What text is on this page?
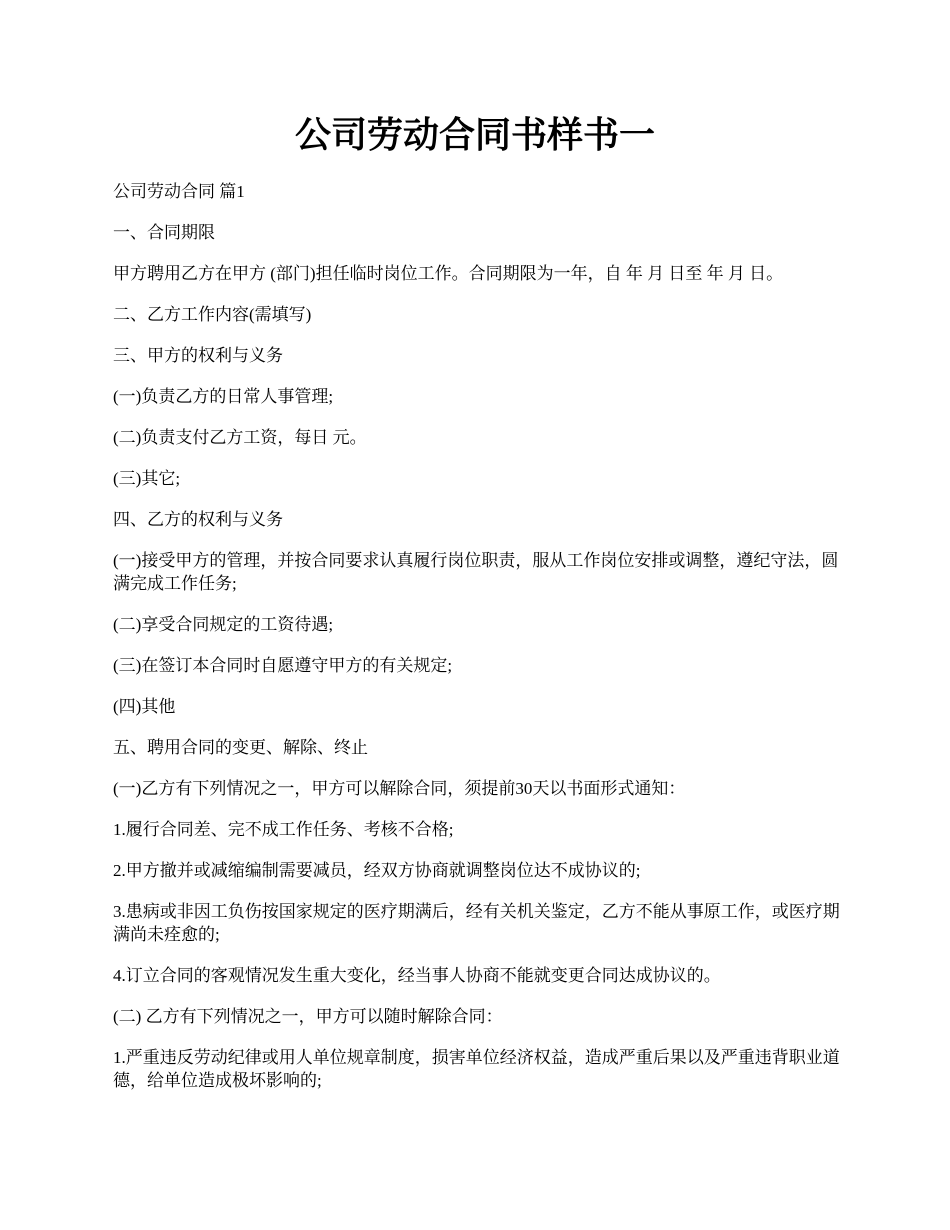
公司劳动合同书样书一

公司劳动合同 篇1

一、合同期限

甲方聘用乙方在甲方 (部门)担任临时岗位工作。合同期限为一年，自 年 月 日至 年 月 日。

二、乙方工作内容(需填写)

三、甲方的权利与义务

(一)负责乙方的日常人事管理;

(二)负责支付乙方工资，每日 元。

(三)其它;

四、乙方的权利与义务

(一)接受甲方的管理，并按合同要求认真履行岗位职责，服从工作岗位安排或调整，遵纪守法，圆满完成工作任务;

(二)享受合同规定的工资待遇;

(三)在签订本合同时自愿遵守甲方的有关规定;

(四)其他

五、聘用合同的变更、解除、终止

(一)乙方有下列情况之一，甲方可以解除合同，须提前30天以书面形式通知：

1.履行合同差、完不成工作任务、考核不合格;

2.甲方撤并或减缩编制需要减员，经双方协商就调整岗位达不成协议的;

3.患病或非因工负伤按国家规定的医疗期满后，经有关机关鉴定，乙方不能从事原工作，或医疗期满尚未痊愈的;

4.订立合同的客观情况发生重大变化，经当事人协商不能就变更合同达成协议的。

(二) 乙方有下列情况之一，甲方可以随时解除合同：

1.严重违反劳动纪律或用人单位规章制度，损害单位经济权益，造成严重后果以及严重违背职业道德，给单位造成极坏影响的;
